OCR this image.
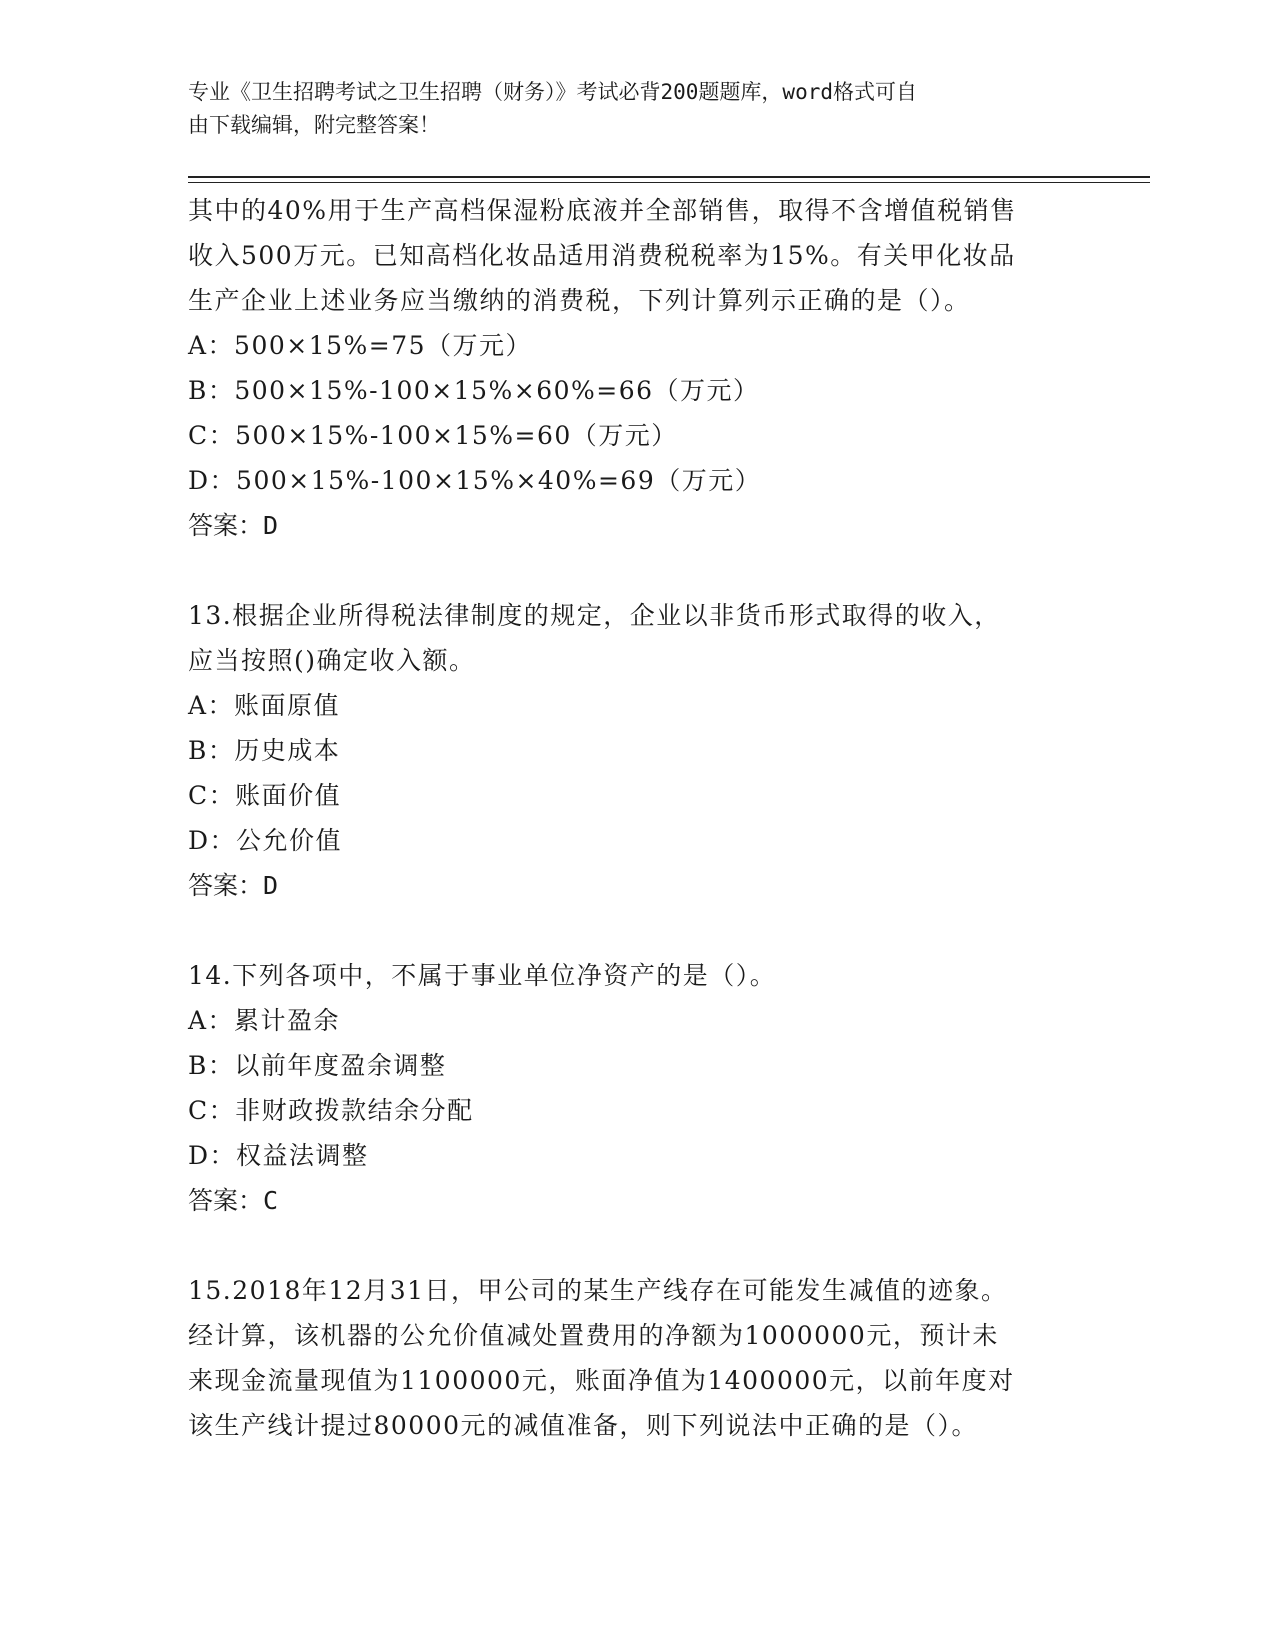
专业《卫生招聘考试之卫生招聘（财务）》考试必背200题题库，word格式可自
由下载编辑，附完整答案！
其中的40%用于生产高档保湿粉底液并全部销售，取得不含增值税销售
收入500万元。已知高档化妆品适用消费税税率为15%。有关甲化妆品
生产企业上述业务应当缴纳的消费税，下列计算列示正确的是（）。
A：500×15%=75（万元）
B：500×15%-100×15%×60%=66（万元）
C：500×15%-100×15%=60（万元）
D：500×15%-100×15%×40%=69（万元）
答案：D
13.根据企业所得税法律制度的规定，企业以非货币形式取得的收入，
应当按照()确定收入额。
A：账面原值
B：历史成本
C：账面价值
D：公允价值
答案：D
14.下列各项中，不属于事业单位净资产的是（）。
A：累计盈余
B：以前年度盈余调整
C：非财政拨款结余分配
D：权益法调整
答案：C
15.2018年12月31日，甲公司的某生产线存在可能发生减值的迹象。
经计算，该机器的公允价值减处置费用的净额为1000000元，预计未
来现金流量现值为1100000元，账面净值为1400000元，以前年度对
该生产线计提过80000元的减值准备，则下列说法中正确的是（）。
